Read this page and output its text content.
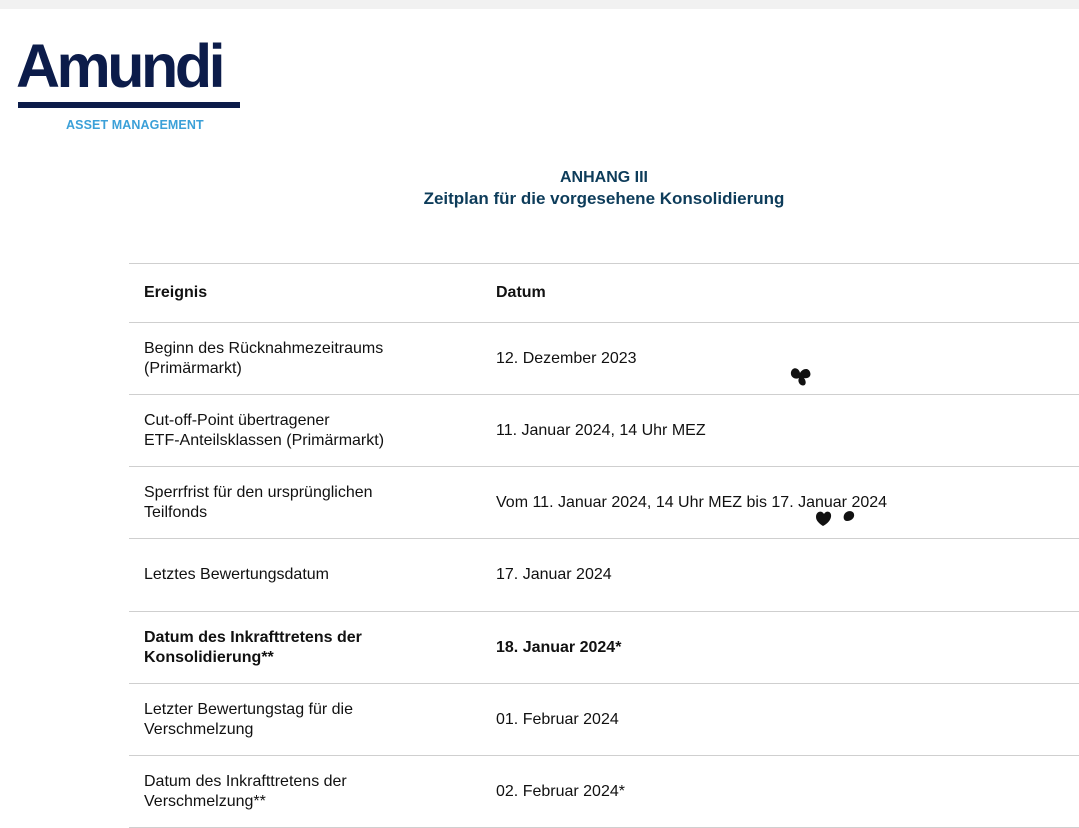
Amundi
ASSET MANAGEMENT
ANHANG III
Zeitplan für die vorgesehene Konsolidierung
Ereignis	Datum
Beginn des Rücknahmezeitraums
(Primärmarkt)
12. Dezember 2023
Cut-off-Point übertragener
ETF-Anteilsklassen (Primärmarkt)
11. Januar 2024, 14 Uhr MEZ
Sperrfrist für den ursprünglichen
Teilfonds
Vom 11. Januar 2024, 14 Uhr MEZ bis 17. Januar 2024
Letztes Bewertungsdatum	17. Januar 2024
Datum des Inkrafttretens der
Konsolidierung**
18. Januar 2024*
Letzter Bewertungstag für die
Verschmelzung
01. Februar 2024
Datum des Inkrafttretens der
Verschmelzung**
02. Februar 2024*
